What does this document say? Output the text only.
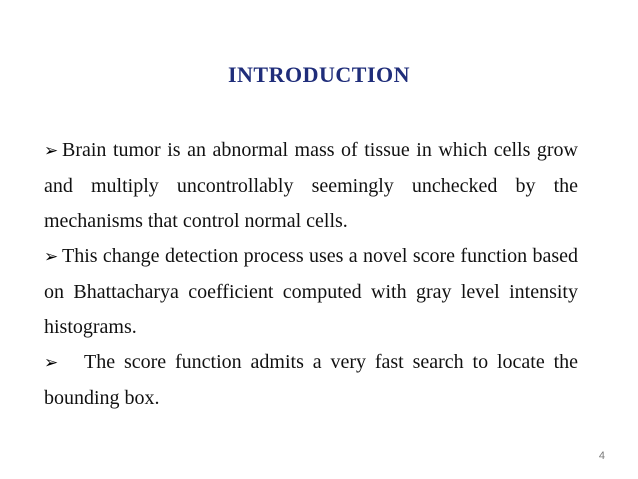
INTRODUCTION

➢ Brain tumor is an abnormal mass of tissue in which cells grow and multiply uncontrollably seemingly unchecked by the mechanisms that control normal cells.

➢ This change detection process uses a novel score function based on Bhattacharya coefficient computed with gray level intensity histograms.

➢ The score function admits a very fast search to locate the bounding box.

4
